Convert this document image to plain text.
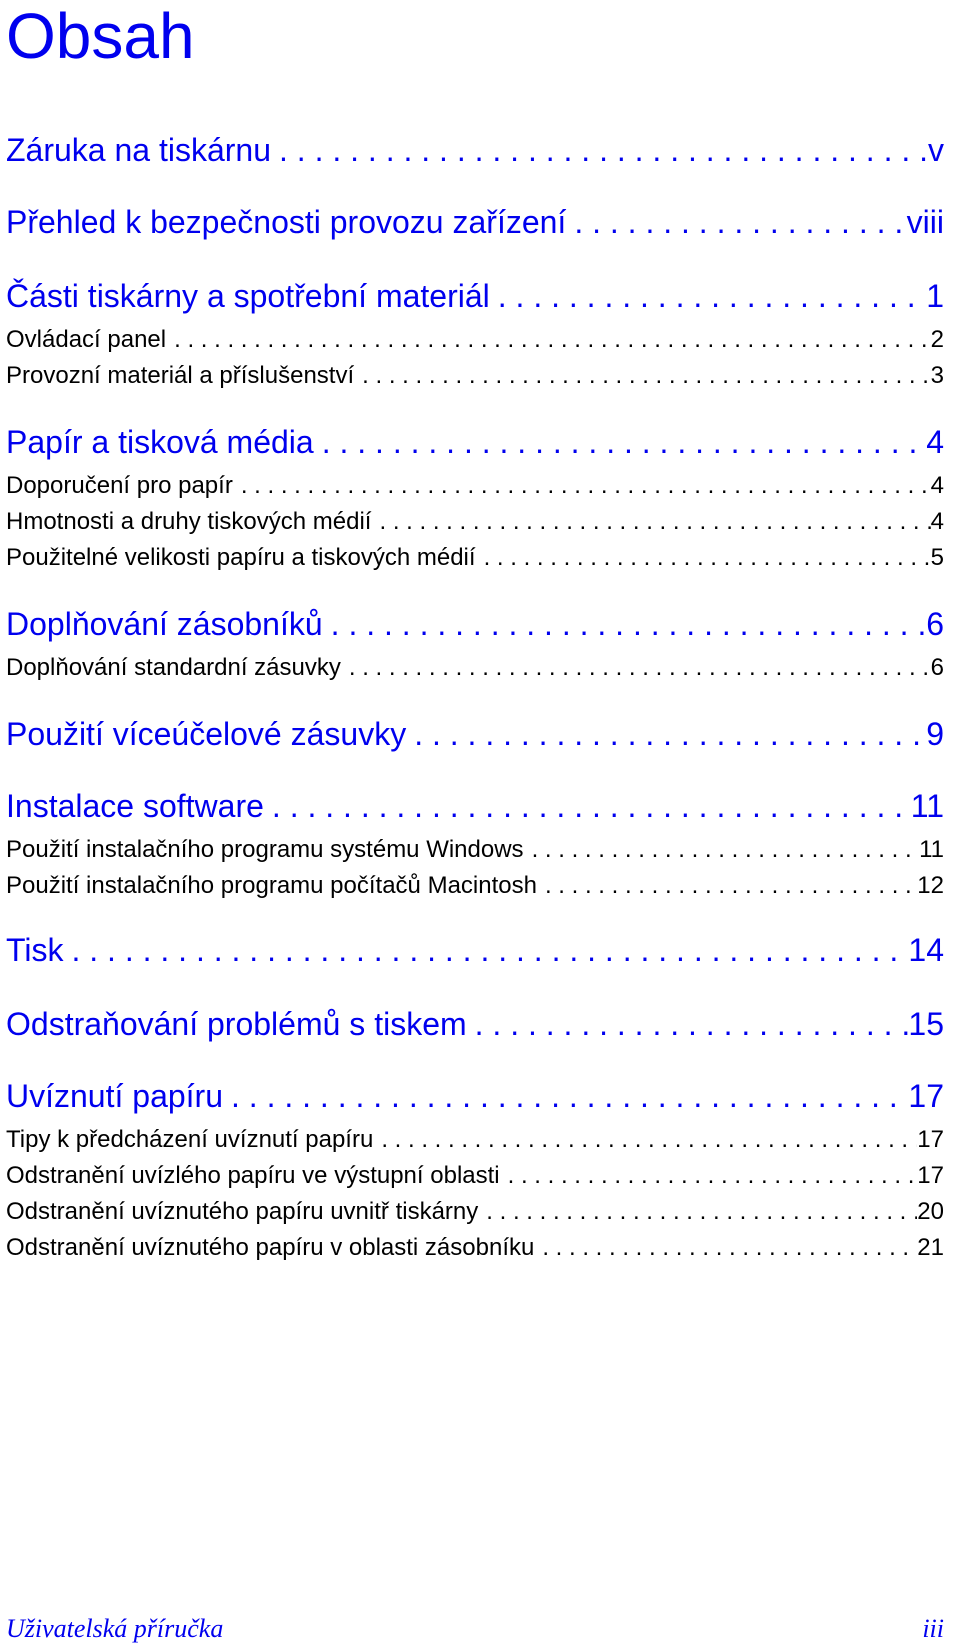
Obsah
Záruka na tiskárnu . . .	v
Přehled k bezpečnosti provozu zařízení . . .	viii
Části tiskárny a spotřební materiál . . .	1
Ovládací panel . . .	2
Provozní materiál a příslušenství . . .	3
Papír a tisková média . . .	4
Doporučení pro papír . . .	4
Hmotnosti a druhy tiskových médií . . .	4
Použitelné velikosti papíru a tiskových médií . . .	5
Doplňování zásobníků . . .	6
Doplňování standardní zásuvky . . .	6
Použití víceúčelové zásuvky . . .	9
Instalace software . . .	11
Použití instalačního programu systému Windows . . .	11
Použití instalačního programu počítačů Macintosh . . .	12
Tisk . . .	14
Odstraňování problémů s tiskem . . .	15
Uvíznutí papíru . . .	17
Tipy k předcházení uvíznutí papíru . . .	17
Odstranění uvízlého papíru ve výstupní oblasti . . .	17
Odstranění uvíznutého papíru uvnitř tiskárny . . .	20
Odstranění uvíznutého papíru v oblasti zásobníku . . .	21
Uživatelská příručka	iii
